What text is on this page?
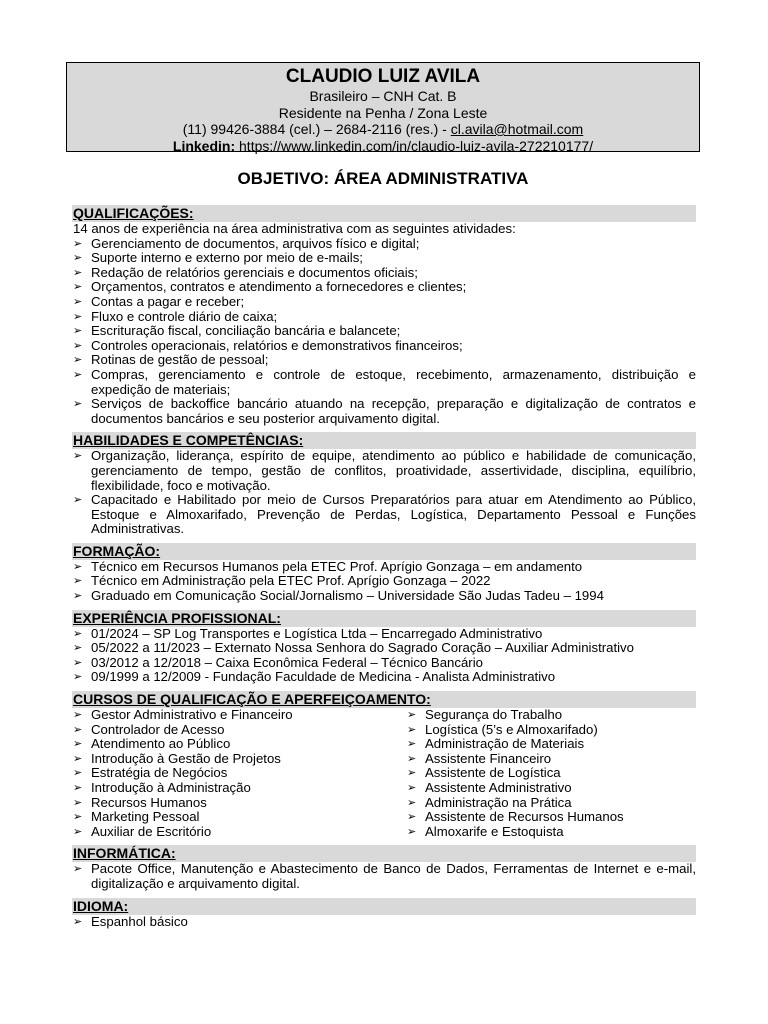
CLAUDIO LUIZ AVILA
Brasileiro – CNH Cat. B
Residente na Penha / Zona Leste
(11) 99426-3884 (cel.) – 2684-2116 (res.) - cl.avila@hotmail.com
Linkedin: https://www.linkedin.com/in/claudio-luiz-avila-272210177/
OBJETIVO: ÁREA ADMINISTRATIVA
QUALIFICAÇÕES:
14 anos de experiência na área administrativa com as seguintes atividades:
➢ Gerenciamento de documentos, arquivos físico e digital;
➢ Suporte interno e externo por meio de e-mails;
➢ Redação de relatórios gerenciais e documentos oficiais;
➢ Orçamentos, contratos e atendimento a fornecedores e clientes;
➢ Contas a pagar e receber;
➢ Fluxo e controle diário de caixa;
➢ Escrituração fiscal, conciliação bancária e balancete;
➢ Controles operacionais, relatórios e demonstrativos financeiros;
➢ Rotinas de gestão de pessoal;
➢ Compras, gerenciamento e controle de estoque, recebimento, armazenamento, distribuição e expedição de materiais;
➢ Serviços de backoffice bancário atuando na recepção, preparação e digitalização de contratos e documentos bancários e seu posterior arquivamento digital.
HABILIDADES E COMPETÊNCIAS:
➢ Organização, liderança, espírito de equipe, atendimento ao público e habilidade de comunicação, gerenciamento de tempo, gestão de conflitos, proatividade, assertividade, disciplina, equilíbrio, flexibilidade, foco e motivação.
➢ Capacitado e Habilitado por meio de Cursos Preparatórios para atuar em Atendimento ao Público, Estoque e Almoxarifado, Prevenção de Perdas, Logística, Departamento Pessoal e Funções Administrativas.
FORMAÇÃO:
➢ Técnico em Recursos Humanos pela ETEC Prof. Aprígio Gonzaga – em andamento
➢ Técnico em Administração pela ETEC Prof. Aprígio Gonzaga – 2022
➢ Graduado em Comunicação Social/Jornalismo – Universidade São Judas Tadeu – 1994
EXPERIÊNCIA PROFISSIONAL:
➢ 01/2024 – SP Log Transportes e Logística Ltda – Encarregado Administrativo
➢ 05/2022 a 11/2023 – Externato Nossa Senhora do Sagrado Coração – Auxiliar Administrativo
➢ 03/2012 a 12/2018 – Caixa Econômica Federal – Técnico Bancário
➢ 09/1999 a 12/2009 - Fundação Faculdade de Medicina - Analista Administrativo
CURSOS DE QUALIFICAÇÃO E APERFEIÇOAMENTO:
➢ Gestor Administrativo e Financeiro
➢ Controlador de Acesso
➢ Atendimento ao Público
➢ Introdução à Gestão de Projetos
➢ Estratégia de Negócios
➢ Introdução à Administração
➢ Recursos Humanos
➢ Marketing Pessoal
➢ Auxiliar de Escritório
➢ Segurança do Trabalho
➢ Logística (5’s e Almoxarifado)
➢ Administração de Materiais
➢ Assistente Financeiro
➢ Assistente de Logística
➢ Assistente Administrativo
➢ Administração na Prática
➢ Assistente de Recursos Humanos
➢ Almoxarife e Estoquista
INFORMÁTICA:
➢ Pacote Office, Manutenção e Abastecimento de Banco de Dados, Ferramentas de Internet e e-mail, digitalização e arquivamento digital.
IDIOMA:
➢ Espanhol básico
